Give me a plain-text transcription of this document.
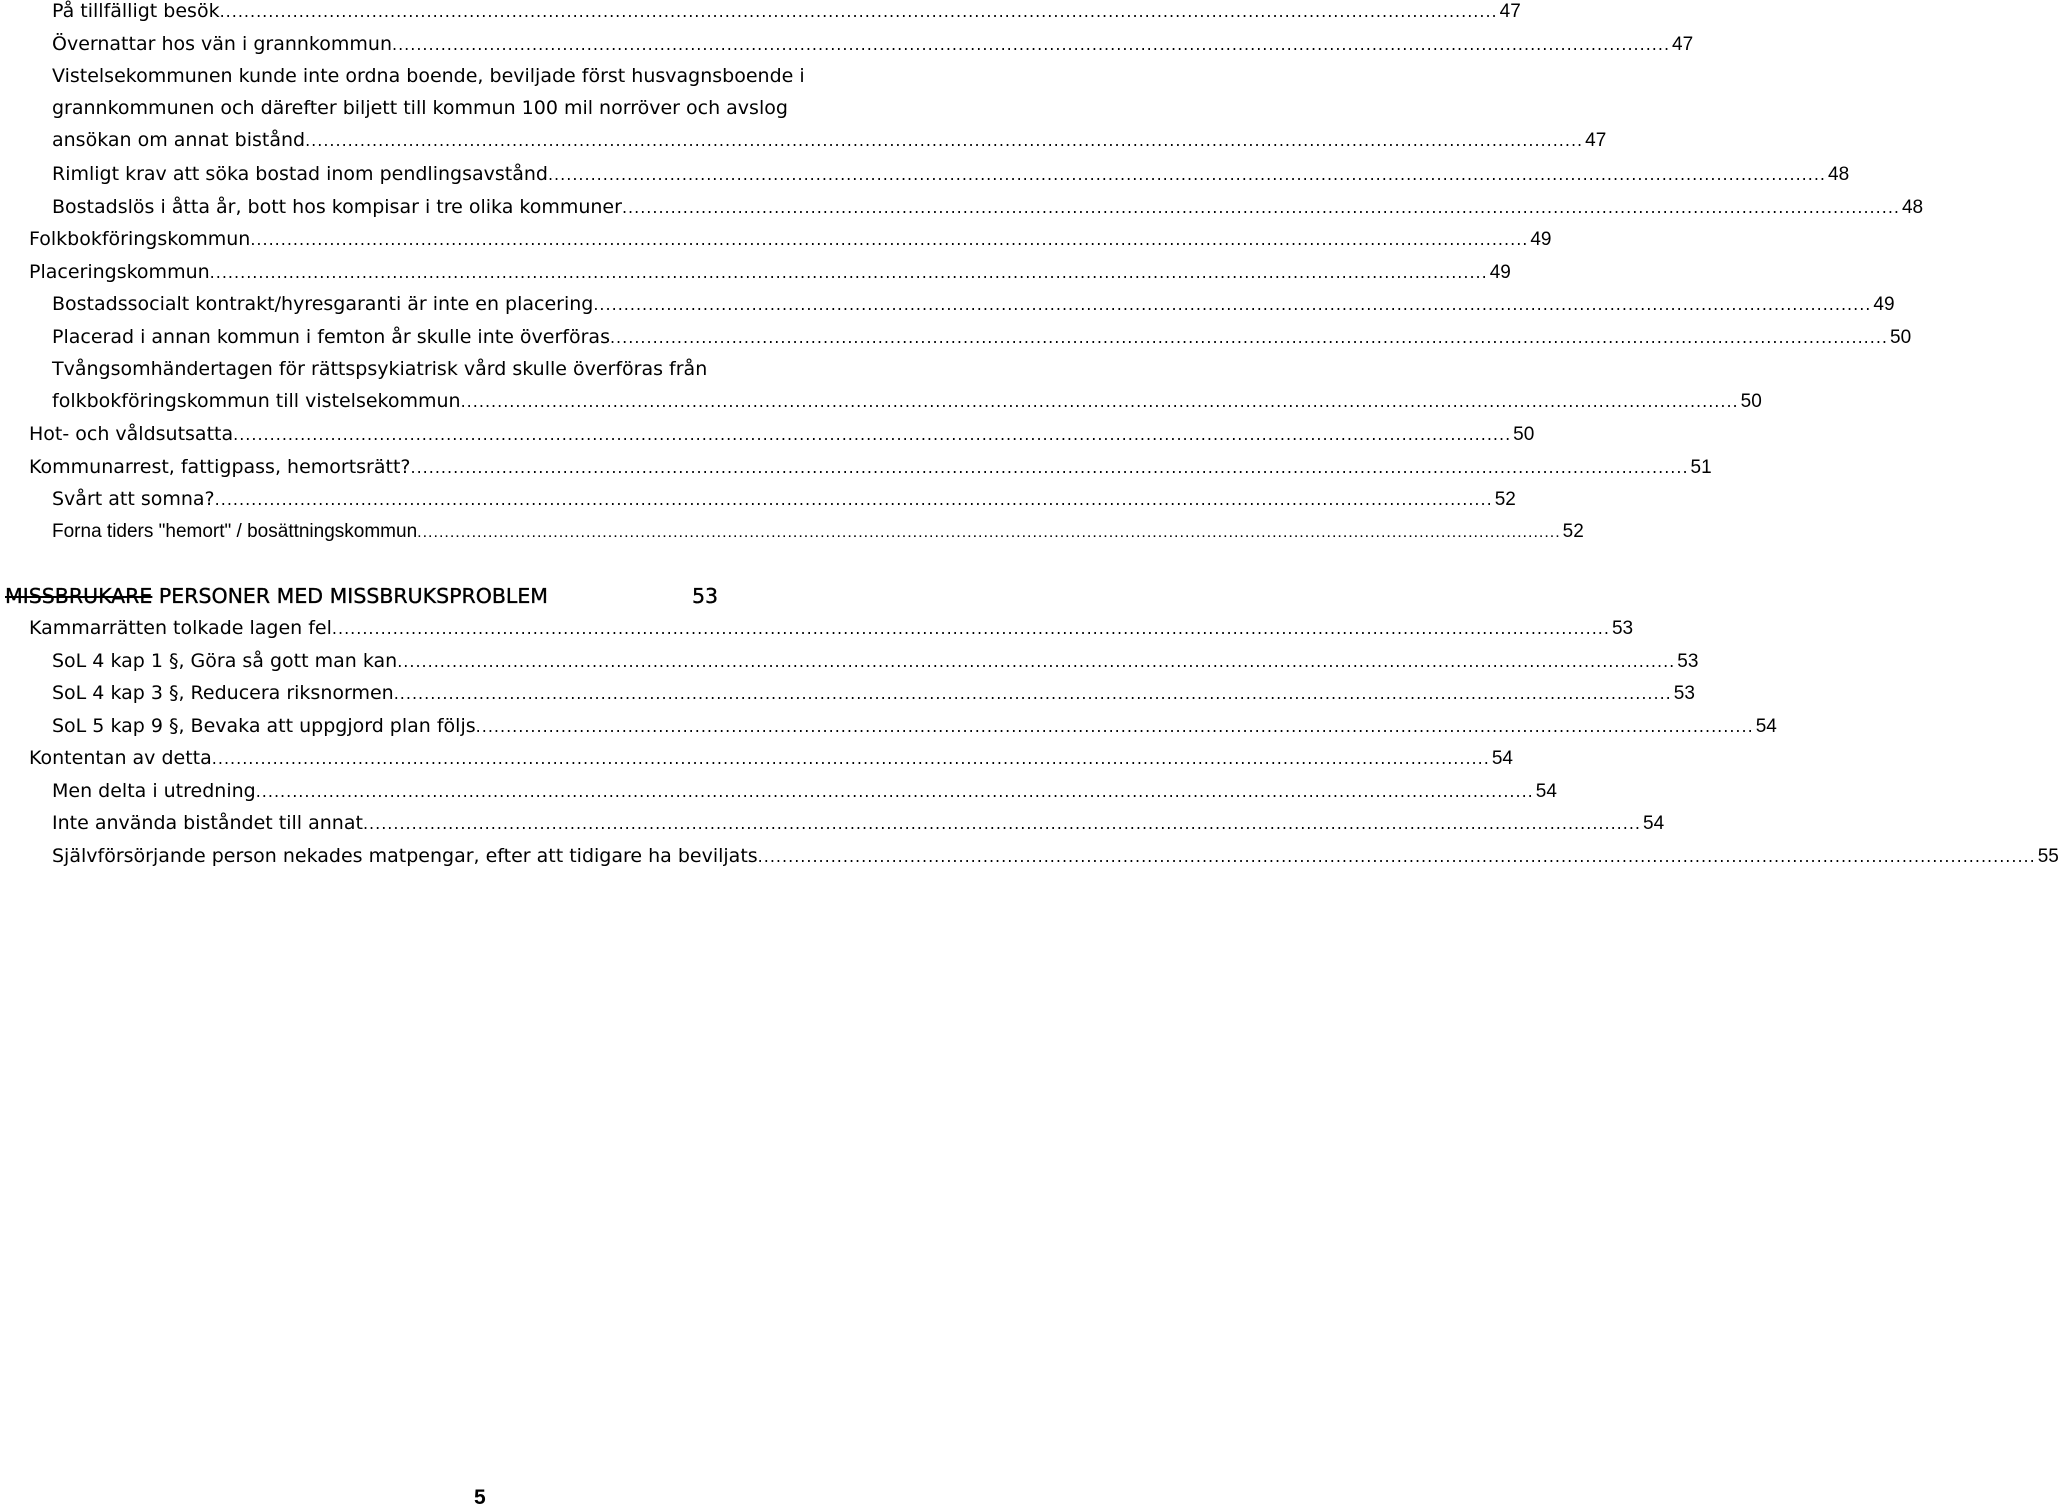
På tillfälligt besök .................................................................................................................................................................................................................. 47
Övernattar hos vän i grannkommun .................................................................................................................................................................................................................. 47
Vistelsekommunen kunde inte ordna boende, beviljade först husvagnsboende i
grannkommunen och därefter biljett till kommun 100 mil norröver och avslog
ansökan om annat bistånd .................................................................................................................................................................................................................. 47
Rimligt krav att söka bostad inom pendlingsavstånd .................................................................................................................................................................................................................. 48
Bostadslös i åtta år, bott hos kompisar i tre olika kommuner .................................................................................................................................................................................................................. 48
Folkbokföringskommun .................................................................................................................................................................................................................. 49
Placeringskommun .................................................................................................................................................................................................................. 49
Bostadssocialt kontrakt/hyresgaranti är inte en placering .................................................................................................................................................................................................................. 49
Placerad i annan kommun i femton år skulle inte överföras .................................................................................................................................................................................................................. 50
Tvångsomhändertagen för rättspsykiatrisk vård skulle överföras från
folkbokföringskommun till vistelsekommun .................................................................................................................................................................................................................. 50
Hot- och våldsutsatta .................................................................................................................................................................................................................. 50
Kommunarrest, fattigpass, hemortsrätt? .................................................................................................................................................................................................................. 51
Svårt att somna? .................................................................................................................................................................................................................. 52
Forna tiders "hemort" / bosättningskommun .................................................................................................................................................................................................................. 52
MISSBRUKARE PERSONER MED MISSBRUKSPROBLEM	53
Kammarrätten tolkade lagen fel .................................................................................................................................................................................................................. 53
SoL 4 kap 1 §, Göra så gott man kan .................................................................................................................................................................................................................. 53
SoL 4 kap 3 §, Reducera riksnormen .................................................................................................................................................................................................................. 53
SoL 5 kap 9 §, Bevaka att uppgjord plan följs .................................................................................................................................................................................................................. 54
Kontentan av detta .................................................................................................................................................................................................................. 54
Men delta i utredning .................................................................................................................................................................................................................. 54
Inte använda biståndet till annat .................................................................................................................................................................................................................. 54
Självförsörjande person nekades matpengar, efter att tidigare ha beviljats .................................................................................................................................................................................................................. 55
5
